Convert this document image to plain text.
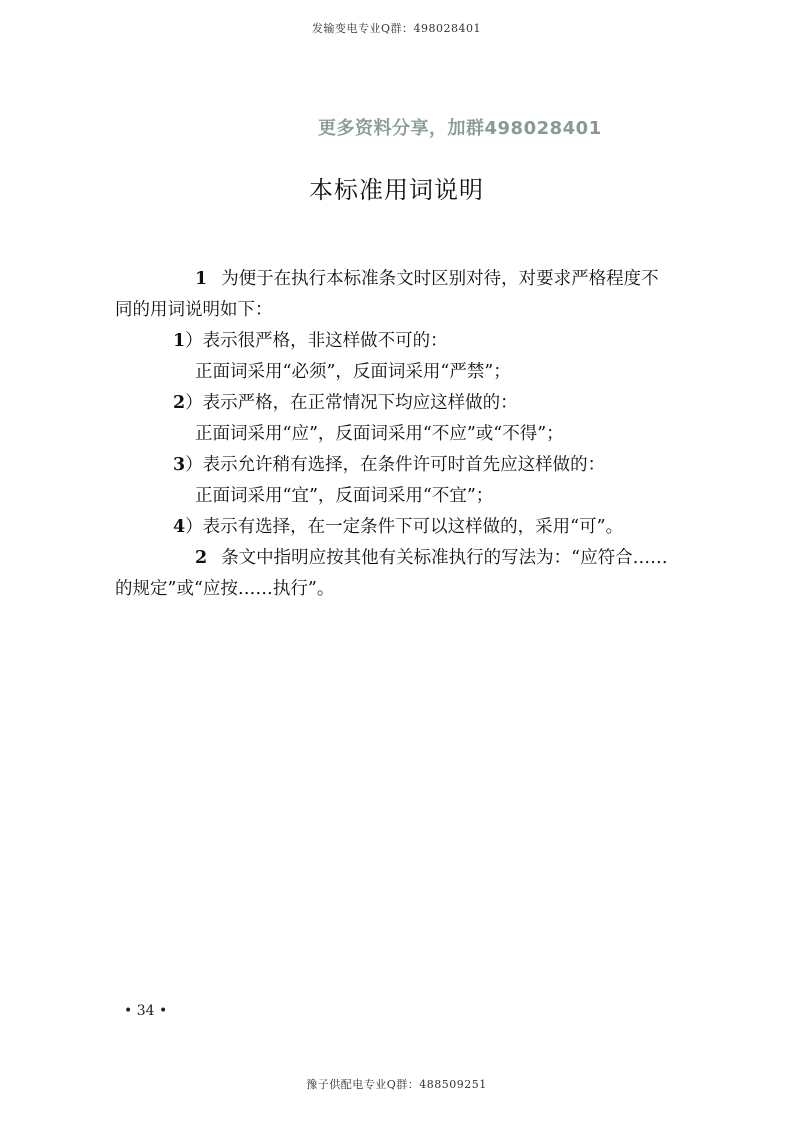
发输变电专业Q群：498028401
更多资料分享，加群498028401
本标准用词说明
1 为便于在执行本标准条文时区别对待，对要求严格程度不
同的用词说明如下：
1）表示很严格，非这样做不可的：
正面词采用“必须”，反面词采用“严禁”；
2）表示严格，在正常情况下均应这样做的：
正面词采用“应”，反面词采用“不应”或“不得”；
3）表示允许稍有选择，在条件许可时首先应这样做的：
正面词采用“宜”，反面词采用“不宜”；
4）表示有选择，在一定条件下可以这样做的，采用“可”。
2 条文中指明应按其他有关标准执行的写法为：“应符合……
的规定”或“应按……执行”。
• 34 •
豫子供配电专业Q群：488509251
